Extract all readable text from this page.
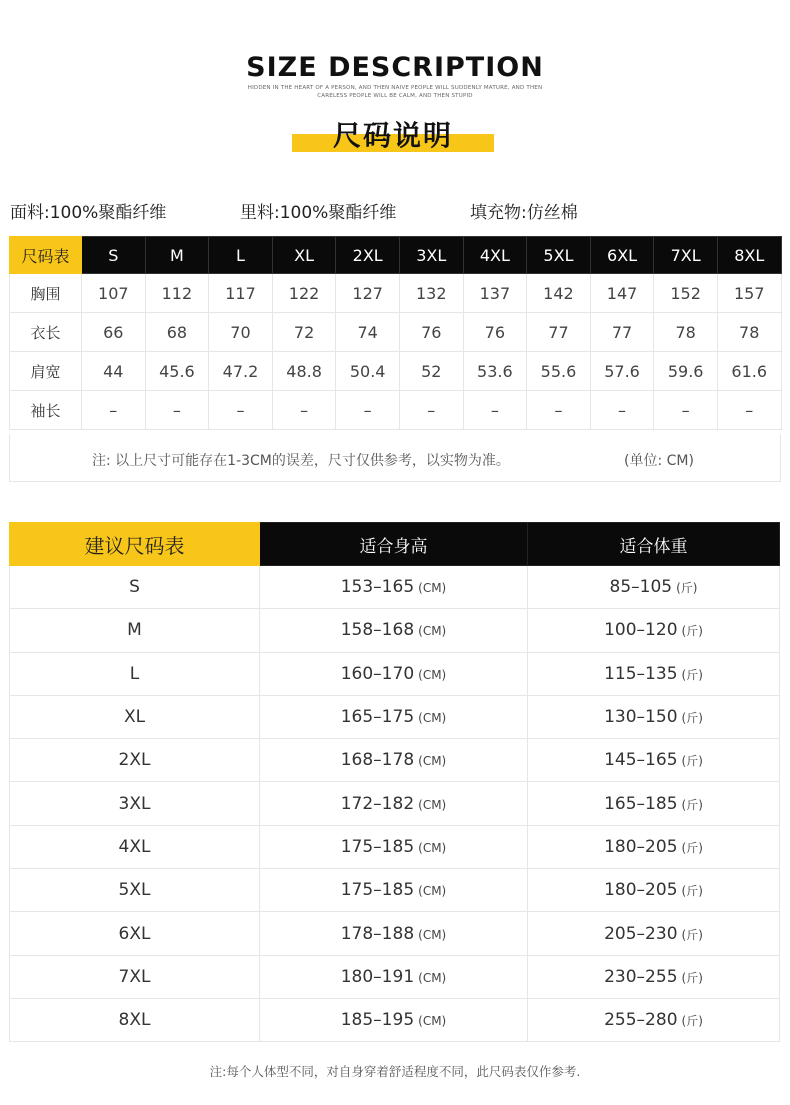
SIZE DESCRIPTION
HIDDEN IN THE HEART OF A PERSON, AND THEN NAIVE PEOPLE WILL SUDDENLY MATURE, AND THEN
CARELESS PEOPLE WILL BE CALM, AND THEN STUPID
尺码说明
面料:100%聚酯纤维	里料:100%聚酯纤维	填充物:仿丝棉
尺码表	S	M	L	XL	2XL	3XL	4XL	5XL	6XL	7XL	8XL
胸围	107	112	117	122	127	132	137	142	147	152	157
衣长	66	68	70	72	74	76	76	77	77	78	78
肩宽	44	45.6	47.2	48.8	50.4	52	53.6	55.6	57.6	59.6	61.6
袖长	–	–	–	–	–	–	–	–	–	–	–
注: 以上尺寸可能存在1-3CM的误差，尺寸仅供参考，以实物为准。	(单位: CM)
建议尺码表	适合身高	适合体重
S	153–165 (CM)	85–105 (斤)
M	158–168 (CM)	100–120 (斤)
L	160–170 (CM)	115–135 (斤)
XL	165–175 (CM)	130–150 (斤)
2XL	168–178 (CM)	145–165 (斤)
3XL	172–182 (CM)	165–185 (斤)
4XL	175–185 (CM)	180–205 (斤)
5XL	175–185 (CM)	180–205 (斤)
6XL	178–188 (CM)	205–230 (斤)
7XL	180–191 (CM)	230–255 (斤)
8XL	185–195 (CM)	255–280 (斤)
注:每个人体型不同，对自身穿着舒适程度不同，此尺码表仅作参考.
